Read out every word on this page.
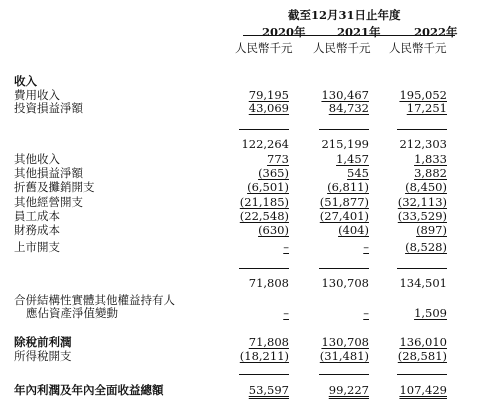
截至12月31日止年度
2020年	2021年	2022年
人民幣千元 人民幣千元 人民幣千元
收入
費用收入	79,195	130,467	195,052
投資損益淨額	43,069	84,732	17,251
122,264	215,199	212,303
其他收入	773	1,457	1,833
其他損益淨額	(365)	545	3,882
折舊及攤銷開支	(6,501)	(6,811)	(8,450)
其他經營開支	(21,185)	(51,877)	(32,113)
員工成本	(22,548)	(27,401)	(33,529)
財務成本	(630)	(404)	(897)
上市開支	–	–	(8,528)
71,808	130,708	134,501
合併結構性實體其他權益持有人
應佔資產淨值變動	–	–	1,509
除稅前利潤	71,808	130,708	136,010
所得稅開支	(18,211)	(31,481)	(28,581)
年內利潤及年內全面收益總額	53,597	99,227	107,429
